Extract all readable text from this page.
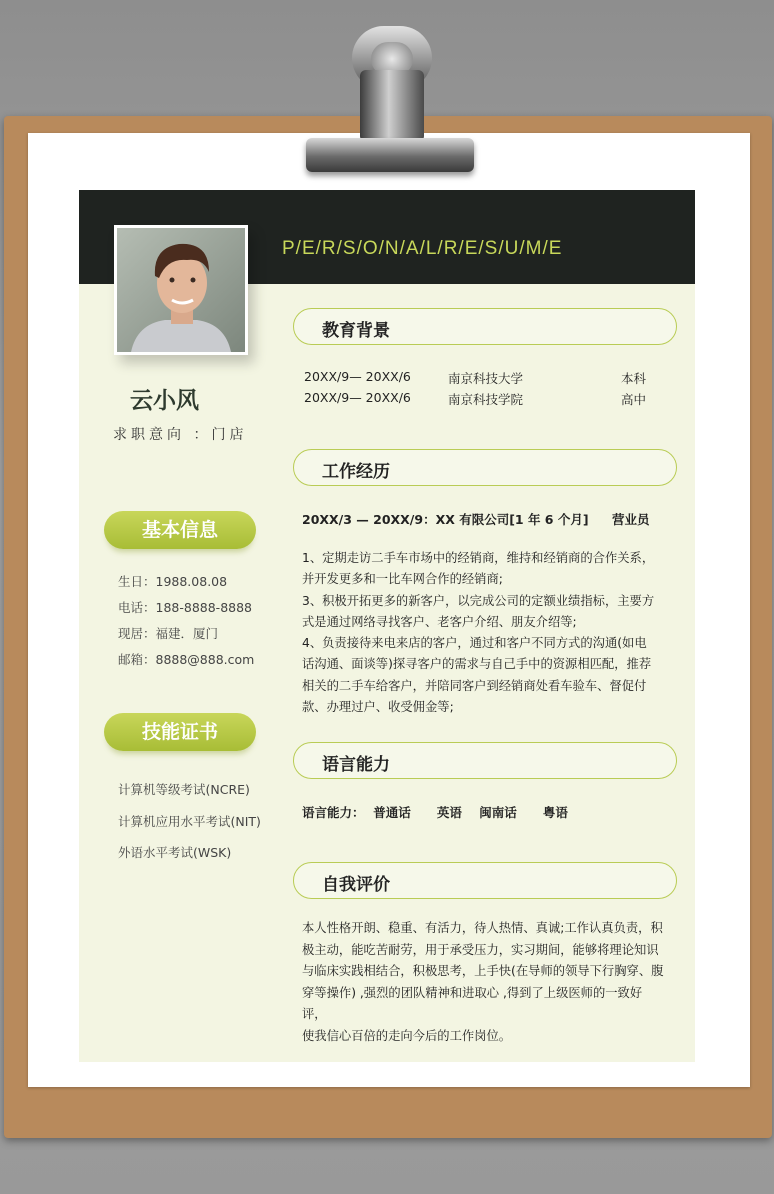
P/E/R/S/O/N/A/L/R/E/S/U/M/E
云小风
求职意向 ：门店
基本信息
生日：1988.08.08
电话：188-8888-8888
现居：福建．厦门
邮箱：8888@888.com
技能证书
计算机等级考试(NCRE)
计算机应用水平考试(NIT)
外语水平考试(WSK)
教育背景
20XX/9— 20XX/6	南京科技大学	本科
20XX/9— 20XX/6	南京科技学院	高中
工作经历
20XX/3 — 20XX/9：XX 有限公司[1 年 6 个月] 营业员
1、定期走访二手车市场中的经销商，维持和经销商的合作关系，
并开发更多和一比车网合作的经销商;
3、积极开拓更多的新客户，以完成公司的定额业绩指标，主要方
式是通过网络寻找客户、老客户介绍、朋友介绍等;
4、负责接待来电来店的客户，通过和客户不同方式的沟通(如电
话沟通、面谈等)探寻客户的需求与自己手中的资源相匹配，推荐
相关的二手车给客户，并陪同客户到经销商处看车验车、督促付
款、办理过户、收受佣金等;
语言能力
语言能力：  普通话      英语    闽南话      粤语
自我评价
本人性格开朗、稳重、有活力，待人热情、真诚;工作认真负责，积
极主动，能吃苦耐劳，用于承受压力，实习期间，能够将理论知识
与临床实践相结合，积极思考，上手快(在导师的领导下行胸穿、腹
穿等操作) ,强烈的团队精神和进取心 ,得到了上级医师的一致好评，
使我信心百倍的走向今后的工作岗位。
